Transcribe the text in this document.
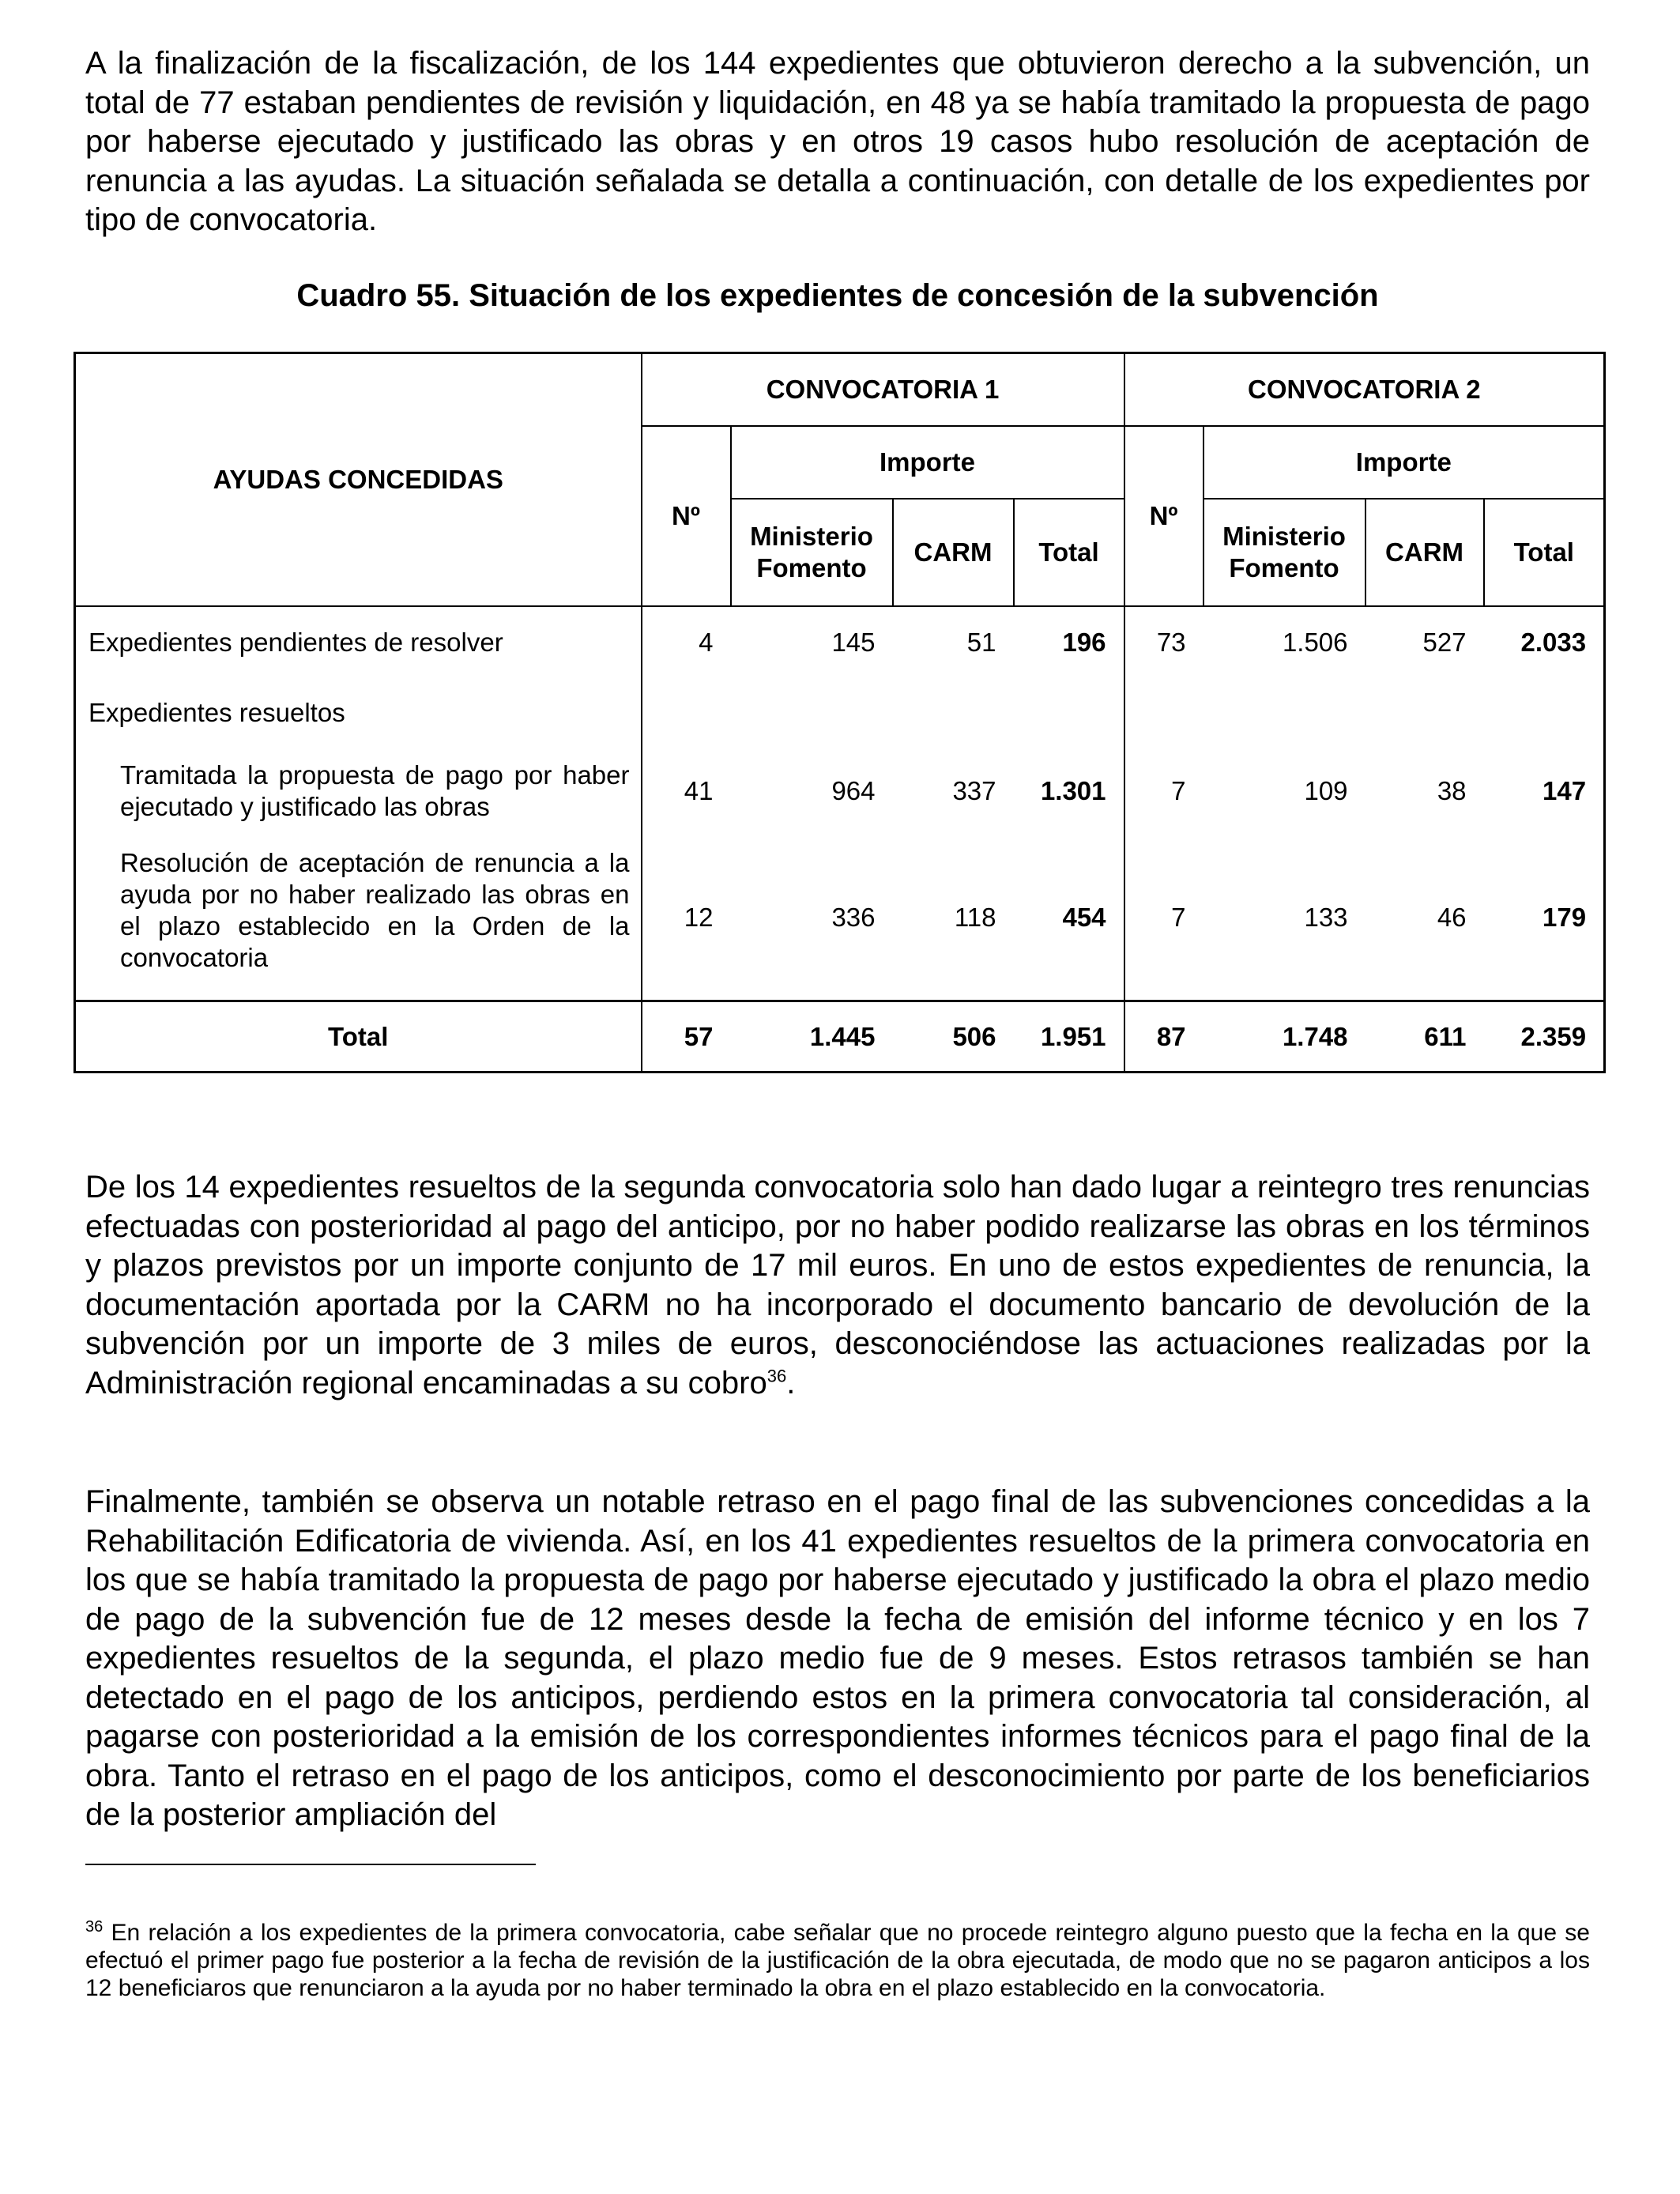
A la finalización de la fiscalización, de los 144 expedientes que obtuvieron derecho a la subvención, un total de 77 estaban pendientes de revisión y liquidación, en 48 ya se había tramitado la propuesta de pago por haberse ejecutado y justificado las obras y en otros 19 casos hubo resolución de aceptación de renuncia a las ayudas. La situación señalada se detalla a continuación, con detalle de los expedientes por tipo de convocatoria.

Cuadro 55. Situación de los expedientes de concesión de la subvención

AYUDAS CONCEDIDAS	CONVOCATORIA 1				CONVOCATORIA 2			
	Nº	Importe			Nº	Importe		
		Ministerio Fomento	CARM	Total		Ministerio Fomento	CARM	Total
Expedientes pendientes de resolver	4	145	51	196	73	1.506	527	2.033
Expedientes resueltos								
Tramitada la propuesta de pago por haber ejecutado y justificado las obras	41	964	337	1.301	7	109	38	147
Resolución de aceptación de renuncia a la ayuda por no haber realizado las obras en el plazo establecido en la Orden de la convocatoria	12	336	118	454	7	133	46	179
Total	57	1.445	506	1.951	87	1.748	611	2.359

De los 14 expedientes resueltos de la segunda convocatoria solo han dado lugar a reintegro tres renuncias efectuadas con posterioridad al pago del anticipo, por no haber podido realizarse las obras en los términos y plazos previstos por un importe conjunto de 17 mil euros. En uno de estos expedientes de renuncia, la documentación aportada por la CARM no ha incorporado el documento bancario de devolución de la subvención por un importe de 3 miles de euros, desconociéndose las actuaciones realizadas por la Administración regional encaminadas a su cobro$^{36}$.

Finalmente, también se observa un notable retraso en el pago final de las subvenciones concedidas a la Rehabilitación Edificatoria de vivienda. Así, en los 41 expedientes resueltos de la primera convocatoria en los que se había tramitado la propuesta de pago por haberse ejecutado y justificado la obra el plazo medio de pago de la subvención fue de 12 meses desde la fecha de emisión del informe técnico y en los 7 expedientes resueltos de la segunda, el plazo medio fue de 9 meses. Estos retrasos también se han detectado en el pago de los anticipos, perdiendo estos en la primera convocatoria tal consideración, al pagarse con posterioridad a la emisión de los correspondientes informes técnicos para el pago final de la obra. Tanto el retraso en el pago de los anticipos, como el desconocimiento por parte de los beneficiarios de la posterior ampliación del

$^{36}$ En relación a los expedientes de la primera convocatoria, cabe señalar que no procede reintegro alguno puesto que la fecha en la que se efectuó el primer pago fue posterior a la fecha de revisión de la justificación de la obra ejecutada, de modo que no se pagaron anticipos a los 12 beneficiaros que renunciaron a la ayuda por no haber terminado la obra en el plazo establecido en la convocatoria.
